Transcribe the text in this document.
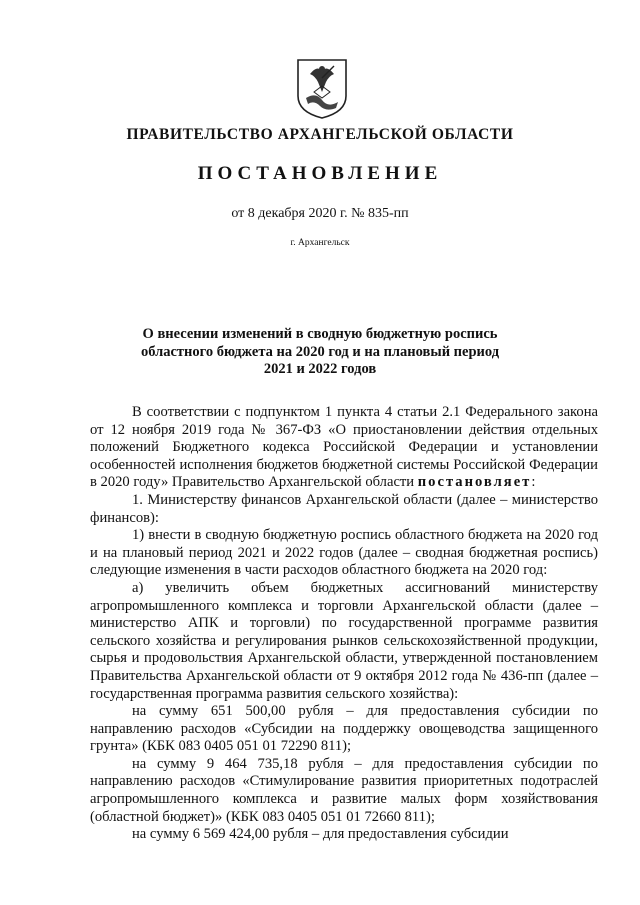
ПРАВИТЕЛЬСТВО АРХАНГЕЛЬСКОЙ ОБЛАСТИ
ПОСТАНОВЛЕНИЕ
от 8 декабря 2020 г. № 835-пп
г. Архангельск
О внесении изменений в сводную бюджетную роспись
областного бюджета на 2020 год и на плановый период
2021 и 2022 годов

В соответствии с подпунктом 1 пункта 4 статьи 2.1 Федерального закона от 12 ноября 2019 года № 367-ФЗ «О приостановлении действия отдельных положений Бюджетного кодекса Российской Федерации и установлении особенностей исполнения бюджетов бюджетной системы Российской Федерации в 2020 году» Правительство Архангельской области постановляет:

1. Министерству финансов Архангельской области (далее – министерство финансов):

1) внести в сводную бюджетную роспись областного бюджета на 2020 год и на плановый период 2021 и 2022 годов (далее – сводная бюджетная роспись) следующие изменения в части расходов областного бюджета на 2020 год:

а) увеличить объем бюджетных ассигнований министерству агропромышленного комплекса и торговли Архангельской области (далее – министерство АПК и торговли) по государственной программе развития сельского хозяйства и регулирования рынков сельскохозяйственной продукции, сырья и продовольствия Архангельской области, утвержденной постановлением Правительства Архангельской области от 9 октября 2012 года № 436-пп (далее – государственная программа развития сельского хозяйства):

на сумму 651 500,00 рубля – для предоставления субсидии по направлению расходов «Субсидии на поддержку овощеводства защищенного грунта» (КБК 083 0405 051 01 72290 811);

на сумму 9 464 735,18 рубля – для предоставления субсидии по направлению расходов «Стимулирование развития приоритетных подотраслей агропромышленного комплекса и развитие малых форм хозяйствования (областной бюджет)» (КБК 083 0405 051 01 72660 811);

на сумму 6 569 424,00 рубля – для предоставления субсидии
